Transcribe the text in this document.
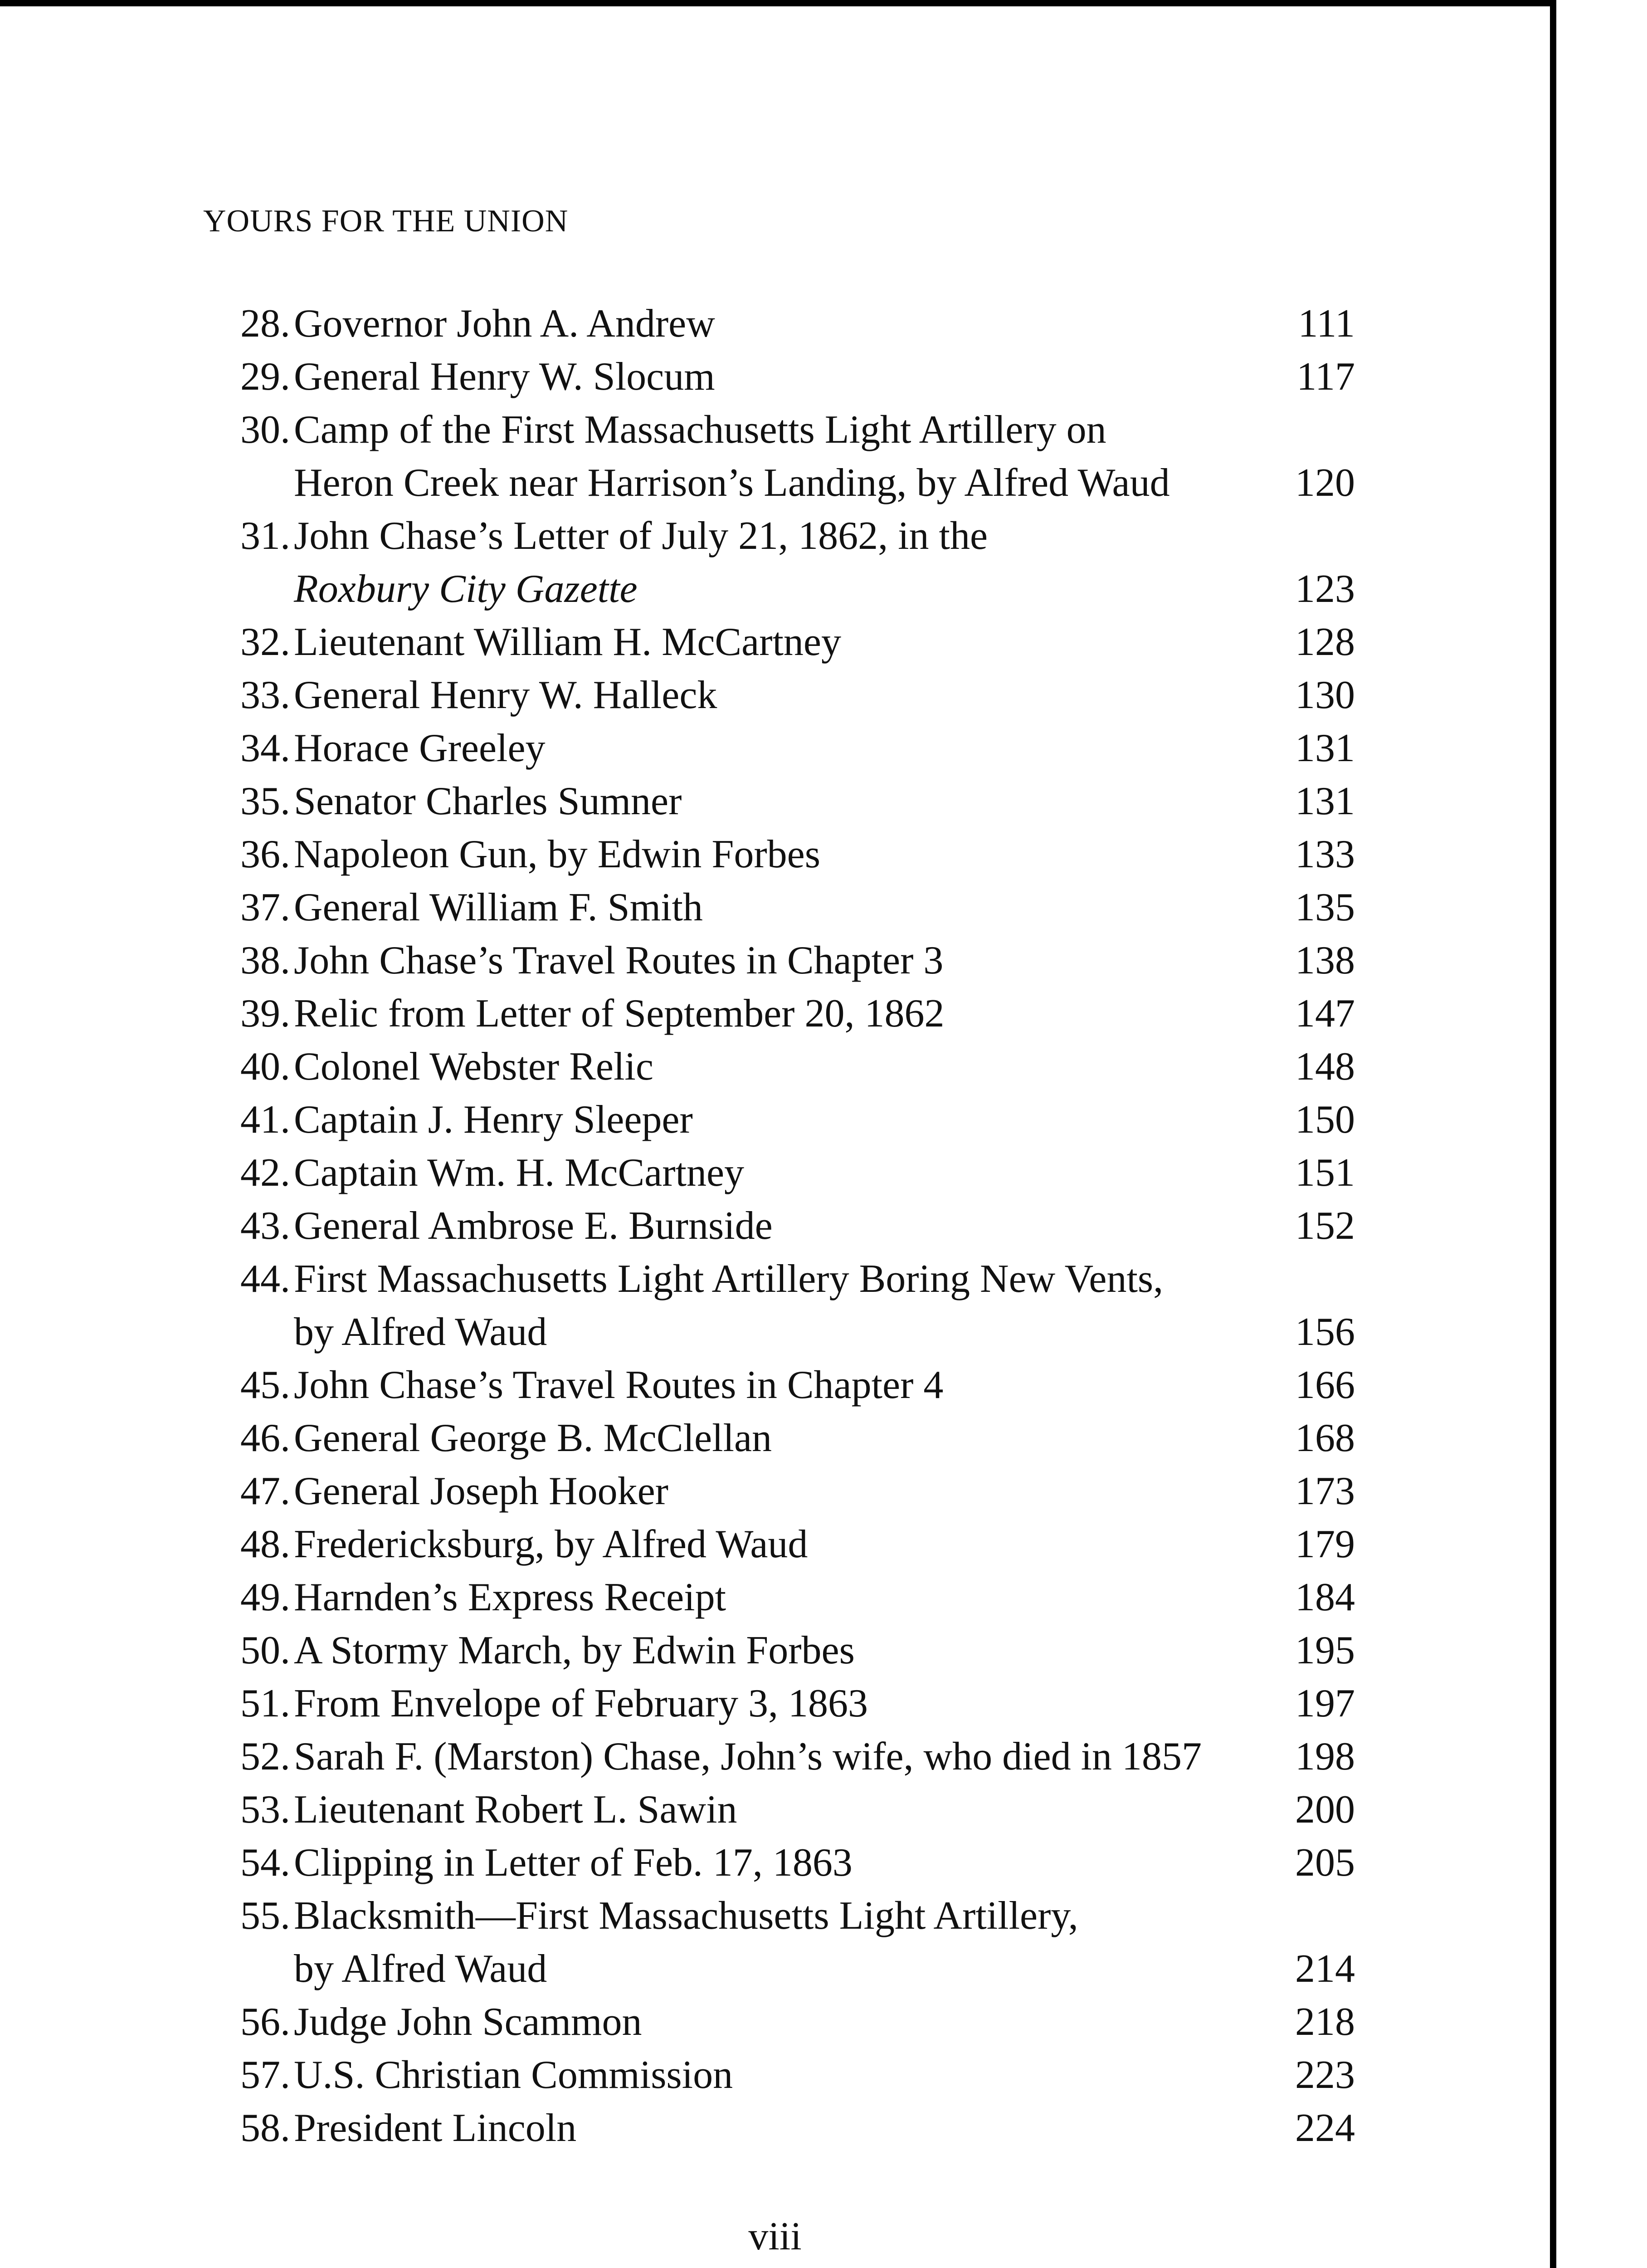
YOURS FOR THE UNION
28. Governor John A. Andrew	111
29. General Henry W. Slocum	117
30. Camp of the First Massachusetts Light Artillery on
Heron Creek near Harrison’s Landing, by Alfred Waud	120
31. John Chase’s Letter of July 21, 1862, in the
Roxbury City Gazette	123
32. Lieutenant William H. McCartney	128
33. General Henry W. Halleck	130
34. Horace Greeley	131
35. Senator Charles Sumner	131
36. Napoleon Gun, by Edwin Forbes	133
37. General William F. Smith	135
38. John Chase’s Travel Routes in Chapter 3	138
39. Relic from Letter of September 20, 1862	147
40. Colonel Webster Relic	148
41. Captain J. Henry Sleeper	150
42. Captain Wm. H. McCartney	151
43. General Ambrose E. Burnside	152
44. First Massachusetts Light Artillery Boring New Vents,
by Alfred Waud	156
45. John Chase’s Travel Routes in Chapter 4	166
46. General George B. McClellan	168
47. General Joseph Hooker	173
48. Fredericksburg, by Alfred Waud	179
49. Harnden’s Express Receipt	184
50. A Stormy March, by Edwin Forbes	195
51. From Envelope of February 3, 1863	197
52. Sarah F. (Marston) Chase, John’s wife, who died in 1857 198
53. Lieutenant Robert L. Sawin	200
54. Clipping in Letter of Feb. 17, 1863	205
55. Blacksmith—First Massachusetts Light Artillery,
by Alfred Waud	214
56. Judge John Scammon	218
57. U.S. Christian Commission	223
58. President Lincoln	224
viii
